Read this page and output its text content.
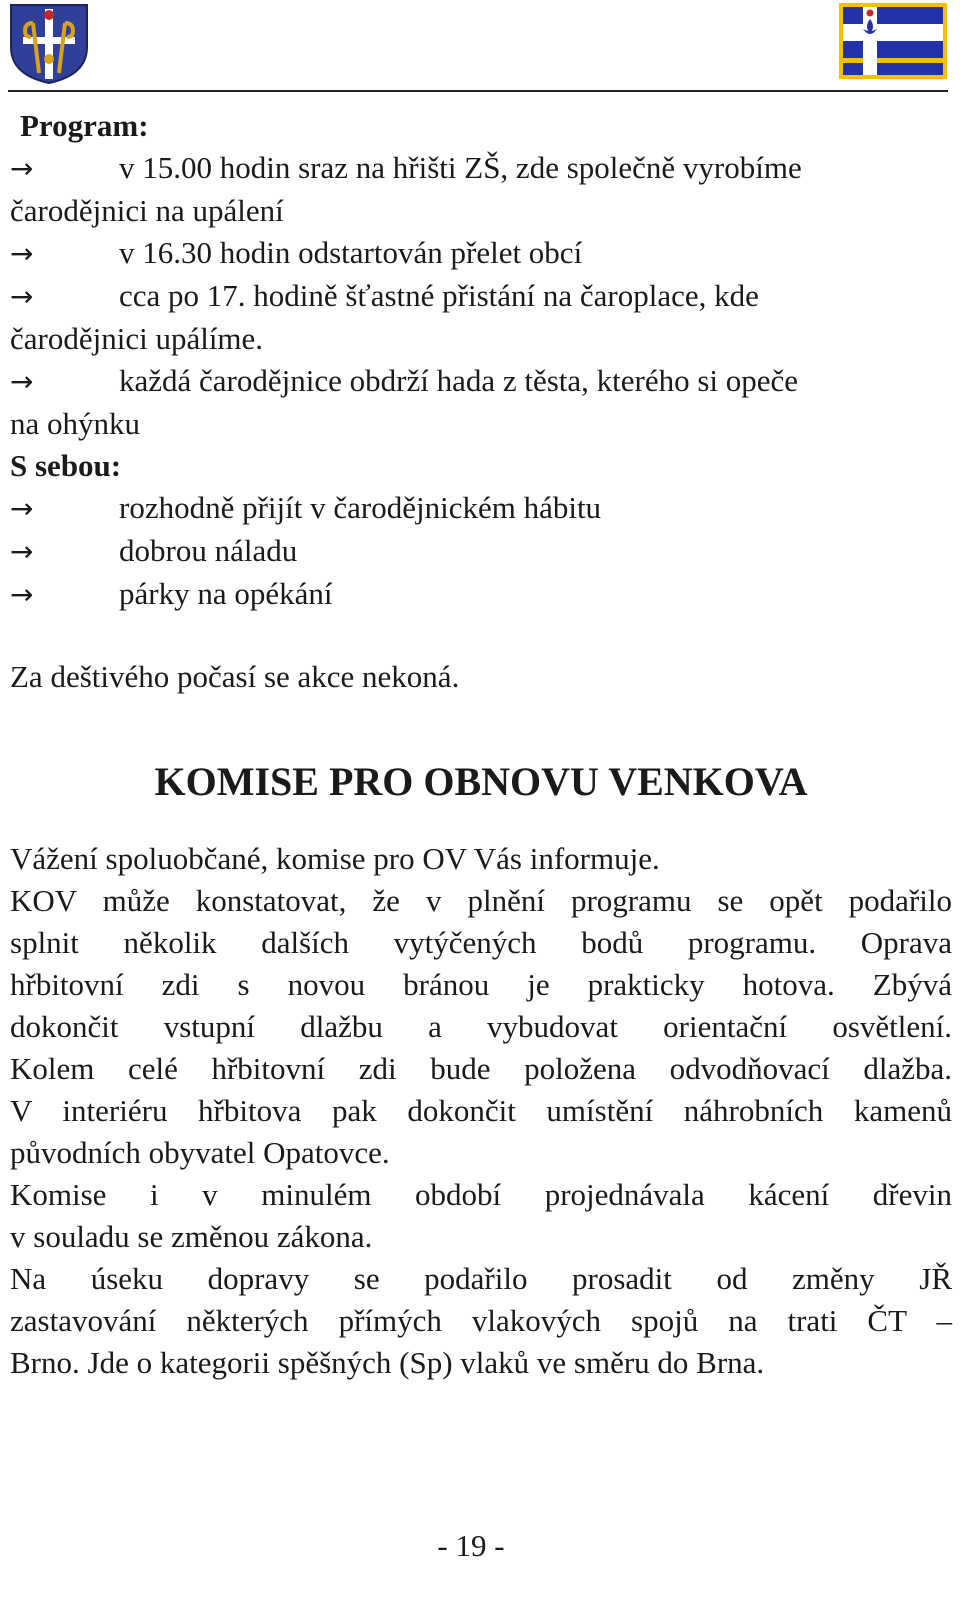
Program:
→	v 15.00 hodin sraz na hřišti ZŠ, zde společně vyrobíme
čarodějnici na upálení
→	v 16.30 hodin odstartován přelet obcí
→	cca po 17. hodině šťastné přistání na čaroplace, kde
čarodějnici upálíme.
→	každá čarodějnice obdrží hada z těsta, kterého si opeče
na ohýnku
S sebou:
→	rozhodně přijít v čarodějnickém hábitu
→	dobrou náladu
→	párky na opékání
Za deštivého počasí se akce nekoná.
KOMISE PRO OBNOVU VENKOVA
Vážení spoluobčané, komise pro OV Vás informuje.
KOV může konstatovat, že v plnění programu se opět podařilo
splnit několik dalších vytýčených bodů programu. Oprava
hřbitovní zdi s novou bránou je prakticky hotova. Zbývá
dokončit vstupní dlažbu a vybudovat orientační osvětlení.
Kolem celé hřbitovní zdi bude položena odvodňovací dlažba.
V interiéru hřbitova pak dokončit umístění náhrobních kamenů
původních obyvatel Opatovce.
Komise i v minulém období projednávala kácení dřevin
v souladu se změnou zákona.
Na úseku dopravy se podařilo prosadit od změny JŘ
zastavování některých přímých vlakových spojů na trati ČT –
Brno. Jde o kategorii spěšných (Sp) vlaků ve směru do Brna.
- 19 -
